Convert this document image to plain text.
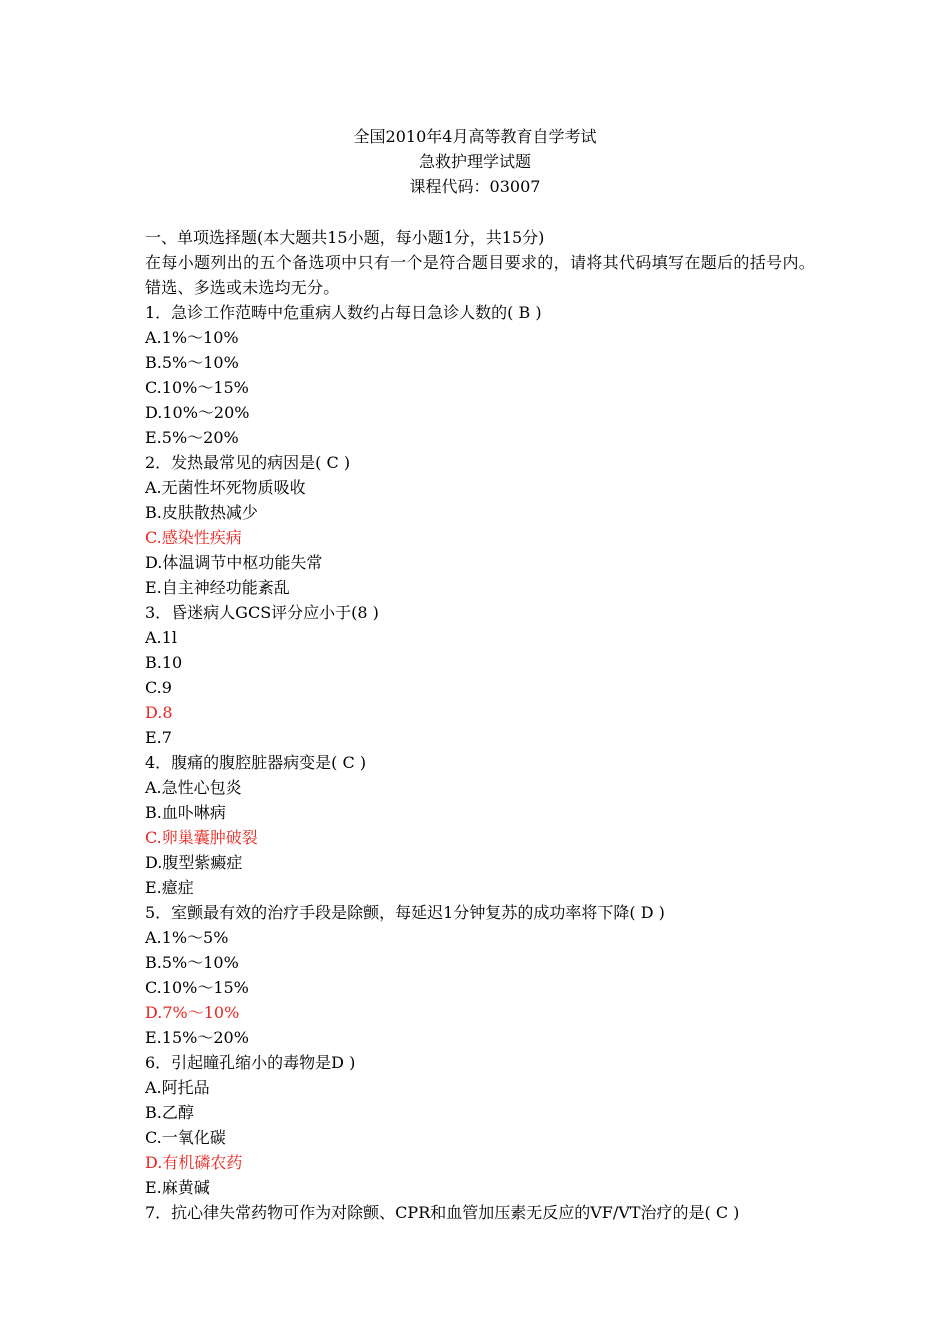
全国2010年4月高等教育自学考试
急救护理学试题
课程代码：03007
一、单项选择题(本大题共15小题，每小题1分，共15分)
在每小题列出的五个备选项中只有一个是符合题目要求的，请将其代码填写在题后的括号内。错选、多选或未选均无分。
1．急诊工作范畴中危重病人数约占每日急诊人数的( B )
A.1%～10%
B.5%～10%
C.10%～15%
D.10%～20%
E.5%～20%
2．发热最常见的病因是( C )
A.无菌性坏死物质吸收
B.皮肤散热减少
C.感染性疾病
D.体温调节中枢功能失常
E.自主神经功能紊乱
3．昏迷病人GCS评分应小于(8 )
A.1l
B.10
C.9
D.8
E.7
4．腹痛的腹腔脏器病变是( C )
A.急性心包炎
B.血卟啉病
C.卵巢囊肿破裂
D.腹型紫癜症
E.癔症
5．室颤最有效的治疗手段是除颤，每延迟1分钟复苏的成功率将下降( D )
A.1%～5%
B.5%～10%
C.10%～15%
D.7%～10%
E.15%～20%
6．引起瞳孔缩小的毒物是D )
A.阿托品
B.乙醇
C.一氧化碳
D.有机磷农药
E.麻黄碱
7．抗心律失常药物可作为对除颤、CPR和血管加压素无反应的VF/VT治疗的是( C )
